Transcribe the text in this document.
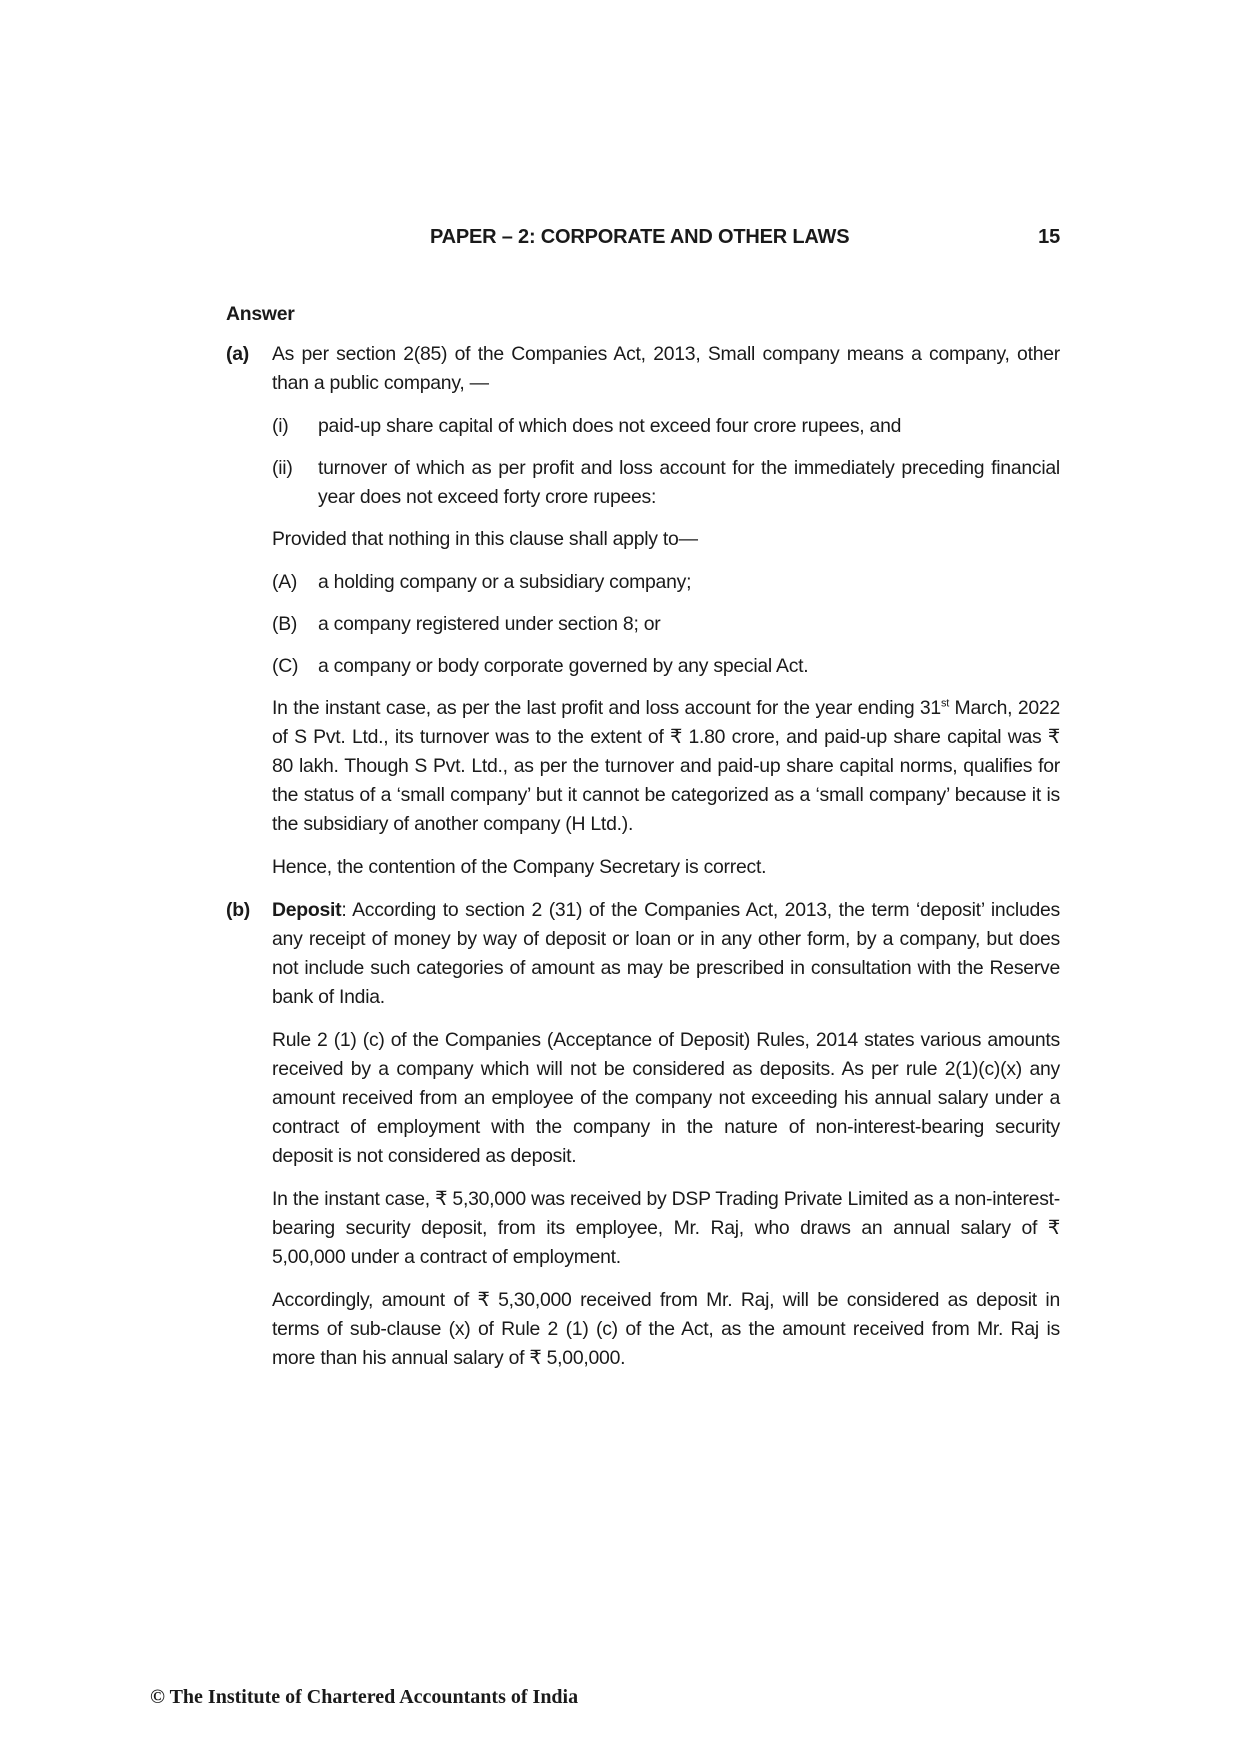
PAPER – 2: CORPORATE AND OTHER LAWS	15
Answer
(a) As per section 2(85) of the Companies Act, 2013, Small company means a company, other than a public company, —

(i) paid-up share capital of which does not exceed four crore rupees, and
(ii) turnover of which as per profit and loss account for the immediately preceding financial year does not exceed forty crore rupees:

Provided that nothing in this clause shall apply to—

(A) a holding company or a subsidiary company;
(B) a company registered under section 8; or
(C) a company or body corporate governed by any special Act.

In the instant case, as per the last profit and loss account for the year ending 31st March, 2022 of S Pvt. Ltd., its turnover was to the extent of ₹ 1.80 crore, and paid-up share capital was ₹ 80 lakh. Though S Pvt. Ltd., as per the turnover and paid-up share capital norms, qualifies for the status of a ‘small company’ but it cannot be categorized as a ‘small company’ because it is the subsidiary of another company (H Ltd.).

Hence, the contention of the Company Secretary is correct.

(b) Deposit: According to section 2 (31) of the Companies Act, 2013, the term ‘deposit’ includes any receipt of money by way of deposit or loan or in any other form, by a company, but does not include such categories of amount as may be prescribed in consultation with the Reserve bank of India.

Rule 2 (1) (c) of the Companies (Acceptance of Deposit) Rules, 2014 states various amounts received by a company which will not be considered as deposits. As per rule 2(1)(c)(x) any amount received from an employee of the company not exceeding his annual salary under a contract of employment with the company in the nature of non-interest-bearing security deposit is not considered as deposit.

In the instant case, ₹ 5,30,000 was received by DSP Trading Private Limited as a non-interest-bearing security deposit, from its employee, Mr. Raj, who draws an annual salary of ₹ 5,00,000 under a contract of employment.

Accordingly, amount of ₹ 5,30,000 received from Mr. Raj, will be considered as deposit in terms of sub-clause (x) of Rule 2 (1) (c) of the Act, as the amount received from Mr. Raj is more than his annual salary of ₹ 5,00,000.

© The Institute of Chartered Accountants of India
